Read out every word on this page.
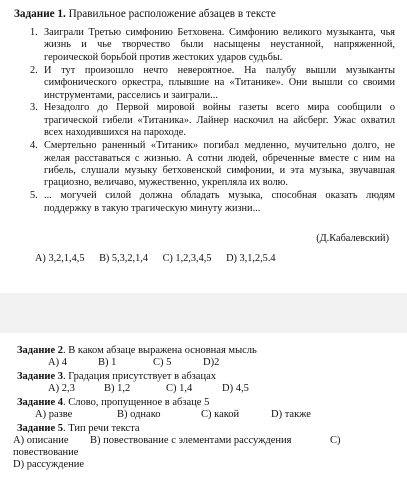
Задание 1. Правильное расположение абзацев в тексте
1. Заиграли Третью симфонию Бетховена. Симфонию великого музыканта, чья жизнь и чье творчество были насыщены неустанной, напряженной, героической борьбой против жестоких ударов судьбы.
2. И тут произошло нечто невероятное. На палубу вышли музыканты симфонического оркестра, плывшие на «Титанике». Они вышли со своими инструментами, расселись и заиграли...
3. Незадолго до Первой мировой войны газеты всего мира сообщили о трагической гибели «Титаника». Лайнер наскочил на айсберг. Ужас охватил всех находившихся на пароходе.
4. Смертельно раненный «Титаник» погибал медленно, мучительно долго, не желая расставаться с жизнью. А сотни людей, обреченные вместе с ним на гибель, слушали музыку бетховенской симфонии, и эта музыка, звучавшая грациозно, величаво, мужественно, укрепляла их волю.
5. ... могучей силой должна обладать музыка, способная оказать людям поддержку в такую трагическую минуту жизни...
(Д.Кабалевский)
A) 3,2,1,4,5 B) 5,3,2,1,4 C) 1,2,3,4,5 D) 3,1,2,5.4
Задание 2. В каком абзаце выражена основная мысль
A) 4	B) 1	C) 5	D)2
Задание 3. Градация присутствует в абзацах
A) 2,3	B) 1,2	C) 1,4	D) 4,5
Задание 4. Слово, пропущенное в абзаце 5
A) разве	B) однако	C) какой	D) также
Задание 5. Тип речи текста
A) описание B) повествование с элементами рассуждения	C)
повествование
D) рассуждение
